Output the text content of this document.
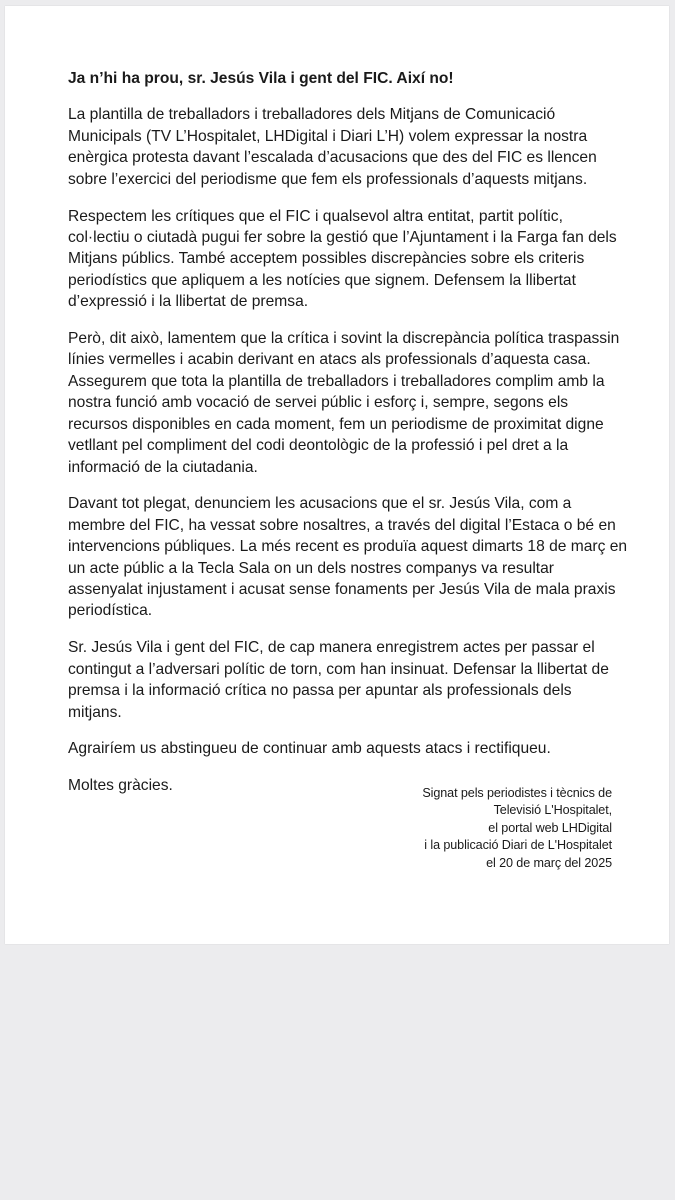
Ja n’hi ha prou, sr. Jesús Vila i gent del FIC. Així no!
La plantilla de treballadors i treballadores dels Mitjans de Comunicació Municipals (TV L’Hospitalet, LHDigital i Diari L’H) volem expressar la nostra enèrgica protesta davant l’escalada d’acusacions que des del FIC es llencen sobre l’exercici del periodisme que fem els professionals d’aquests mitjans.
Respectem les crítiques que el FIC i qualsevol altra entitat, partit polític, col·lectiu o ciutadà pugui fer sobre la gestió que l’Ajuntament i la Farga fan dels Mitjans públics. També acceptem possibles discrepàncies sobre els criteris periodístics que apliquem a les notícies que signem. Defensem la llibertat d’expressió i la llibertat de premsa.
Però, dit això, lamentem que la crítica i sovint la discrepància política traspassin línies vermelles i acabin derivant en atacs als professionals d’aquesta casa. Assegurem que tota la plantilla de treballadors i treballadores complim amb la nostra funció amb vocació de servei públic i esforç i, sempre, segons els recursos disponibles en cada moment, fem un periodisme de proximitat digne vetllant pel compliment del codi deontològic de la professió i pel dret a la informació de la ciutadania.
Davant tot plegat, denunciem les acusacions que el sr. Jesús Vila, com a membre del FIC, ha vessat sobre nosaltres, a través del digital l’Estaca o bé en intervencions públiques. La més recent es produïa aquest dimarts 18 de març en un acte públic a la Tecla Sala on un dels nostres companys va resultar assenyalat injustament i acusat sense fonaments per Jesús Vila de mala praxis periodística.
Sr. Jesús Vila i gent del FIC, de cap manera enregistrem actes per passar el contingut a l’adversari polític de torn, com han insinuat. Defensar la llibertat de premsa i la informació crítica no passa per apuntar als professionals dels mitjans.
Agrairíem us abstingueu de continuar amb aquests atacs i rectifiqueu.
Moltes gràcies.	Signat pels periodistes i tècnics de
Televisió L'Hospitalet,
el portal web LHDigital
i la publicació Diari de L'Hospitalet
el 20 de març del 2025
